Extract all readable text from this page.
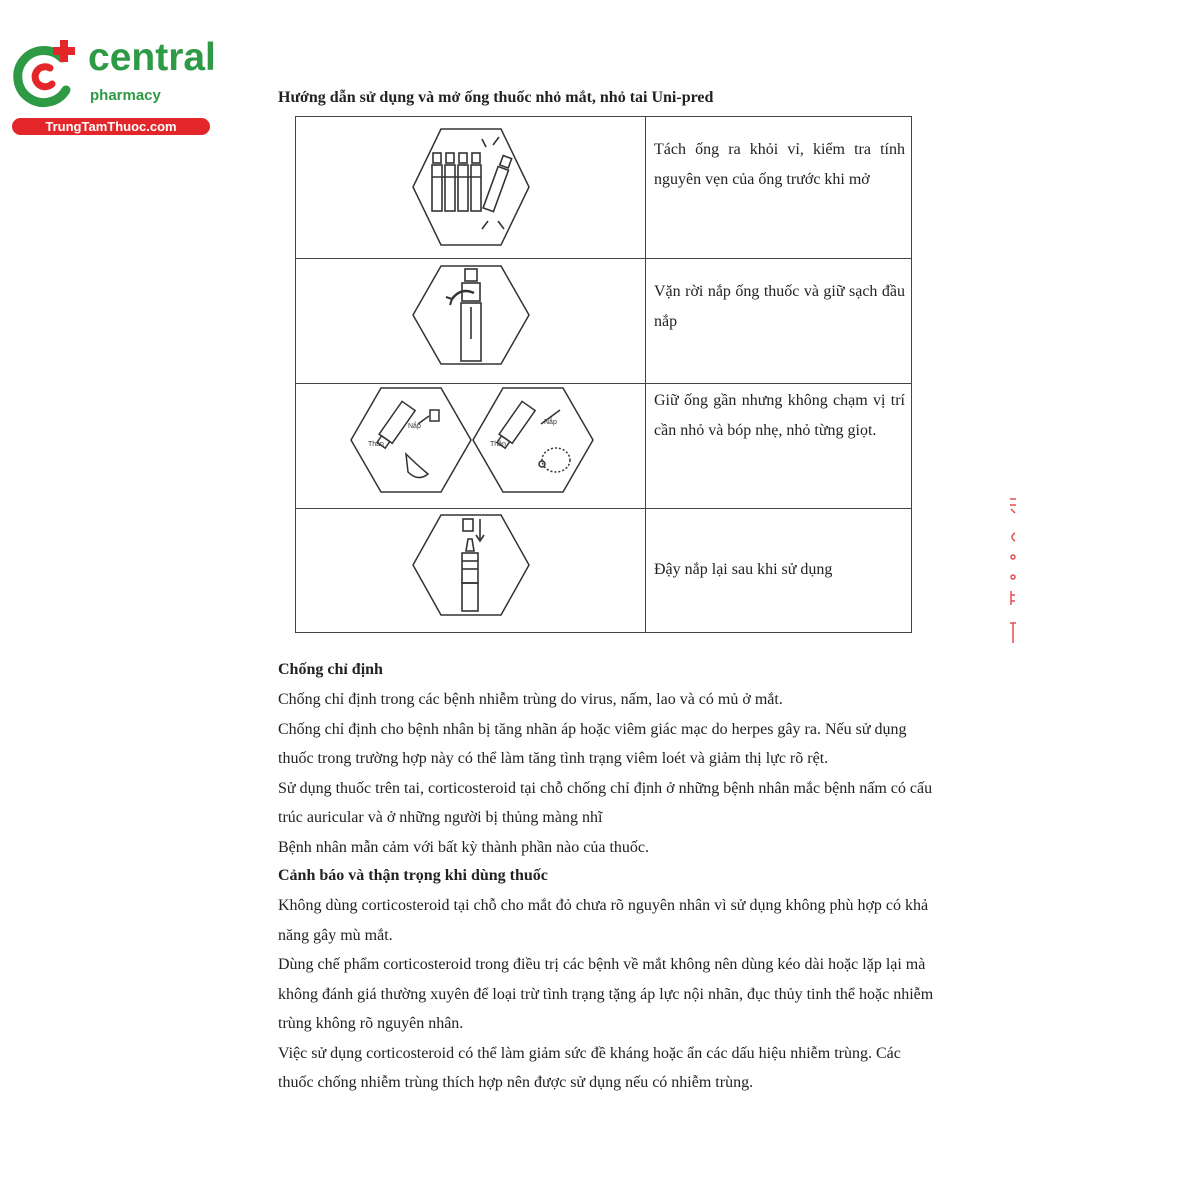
central
pharmacy
TrungTamThuoc.com
Hướng dẫn sử dụng và mở ống thuốc nhỏ mắt, nhỏ tai Uni-pred
	Tách ống ra khỏi vỉ, kiểm tra tính nguyên vẹn của ống trước khi mở

	Vặn rời nắp ống thuốc và giữ sạch đầu nắp

Thân
Nắp
Thân
Nắp	Giữ ống gần nhưng không chạm vị trí cần nhỏ và bóp nhẹ, nhỏ từng giọt.

	Đậy nắp lại sau khi sử dụng
Chống chỉ định

Chống chỉ định trong các bệnh nhiễm trùng do virus, nấm, lao và có mủ ở mắt.

Chống chỉ định cho bệnh nhân bị tăng nhãn áp hoặc viêm giác mạc do herpes gây ra. Nếu sử dụng thuốc trong trường hợp này có thể làm tăng tình trạng viêm loét và giảm thị lực rõ rệt.

Sử dụng thuốc trên tai, corticosteroid tại chỗ chống chỉ định ở những bệnh nhân mắc bệnh nấm có cấu trúc auricular và ở những người bị thủng màng nhĩ

Bệnh nhân mẫn cảm với bất kỳ thành phần nào của thuốc.

Cảnh báo và thận trọng khi dùng thuốc

Không dùng corticosteroid tại chỗ cho mắt đỏ chưa rõ nguyên nhân vì sử dụng không phù hợp có khả năng gây mù mắt.

Dùng chế phẩm corticosteroid trong điều trị các bệnh về mắt không nên dùng kéo dài hoặc lặp lại mà không đánh giá thường xuyên để loại trừ tình trạng tặng áp lực nội nhãn, đục thủy tinh thể hoặc nhiễm trùng không rõ nguyên nhân.

Việc sử dụng corticosteroid có thể làm giảm sức đề kháng hoặc ẩn các dấu hiệu nhiễm trùng. Các thuốc chống nhiễm trùng thích hợp nên được sử dụng nếu có nhiễm trùng.
